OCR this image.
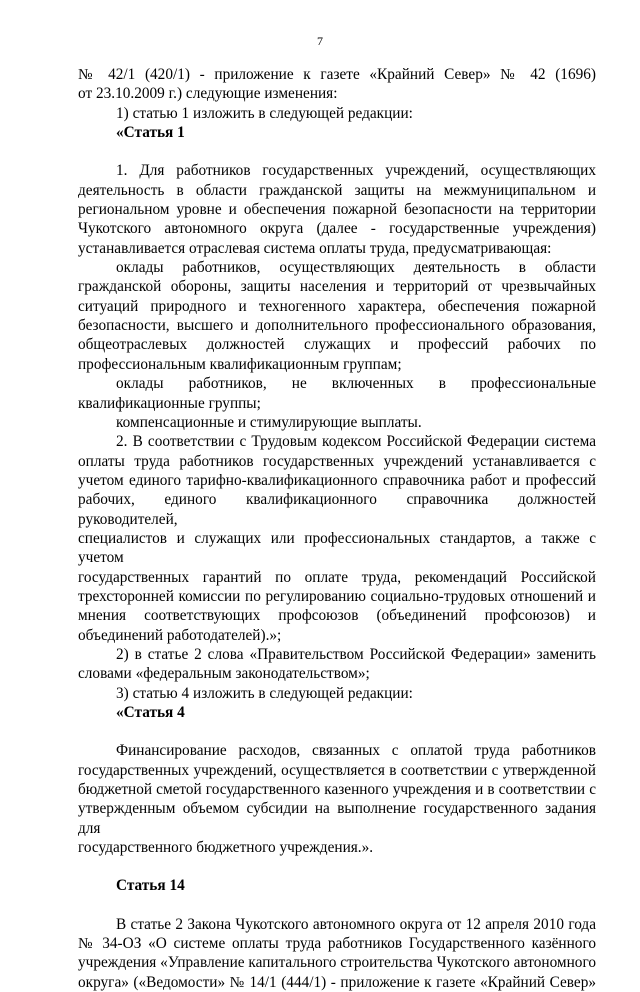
7
№ 42/1 (420/1) - приложение к газете «Крайний Север» № 42 (1696)
от 23.10.2009 г.) следующие изменения:
1) статью 1 изложить в следующей редакции:
«Статья 1
1. Для работников государственных учреждений, осуществляющих
деятельность в области гражданской защиты на межмуниципальном и
региональном уровне и обеспечения пожарной безопасности на территории
Чукотского автономного округа (далее - государственные учреждения)
устанавливается отраслевая система оплаты труда, предусматривающая:
оклады работников, осуществляющих деятельность в области
гражданской обороны, защиты населения и территорий от чрезвычайных
ситуаций природного и техногенного характера, обеспечения пожарной
безопасности, высшего и дополнительного профессионального образования,
общеотраслевых должностей служащих и профессий рабочих по
профессиональным квалификационным группам;
оклады работников, не включенных в профессиональные
квалификационные группы;
компенсационные и стимулирующие выплаты.
2. В соответствии с Трудовым кодексом Российской Федерации система
оплаты труда работников государственных учреждений устанавливается с
учетом единого тарифно-квалификационного справочника работ и профессий
рабочих, единого квалификационного справочника должностей руководителей,
специалистов и служащих или профессиональных стандартов, а также с учетом
государственных гарантий по оплате труда, рекомендаций Российской
трехсторонней комиссии по регулированию социально-трудовых отношений и
мнения соответствующих профсоюзов (объединений профсоюзов) и
объединений работодателей).»;
2) в статье 2 слова «Правительством Российской Федерации» заменить
словами «федеральным законодательством»;
3) статью 4 изложить в следующей редакции:
«Статья 4
Финансирование расходов, связанных с оплатой труда работников
государственных учреждений, осуществляется в соответствии с утвержденной
бюджетной сметой государственного казенного учреждения и в соответствии с
утвержденным объемом субсидии на выполнение государственного задания для
государственного бюджетного учреждения.».
Статья 14
В статье 2 Закона Чукотского автономного округа от 12 апреля 2010 года
№ 34-ОЗ «О системе оплаты труда работников Государственного казённого
учреждения «Управление капитального строительства Чукотского автономного
округа» («Ведомости» № 14/1 (444/1) - приложение к газете «Крайний Север»
